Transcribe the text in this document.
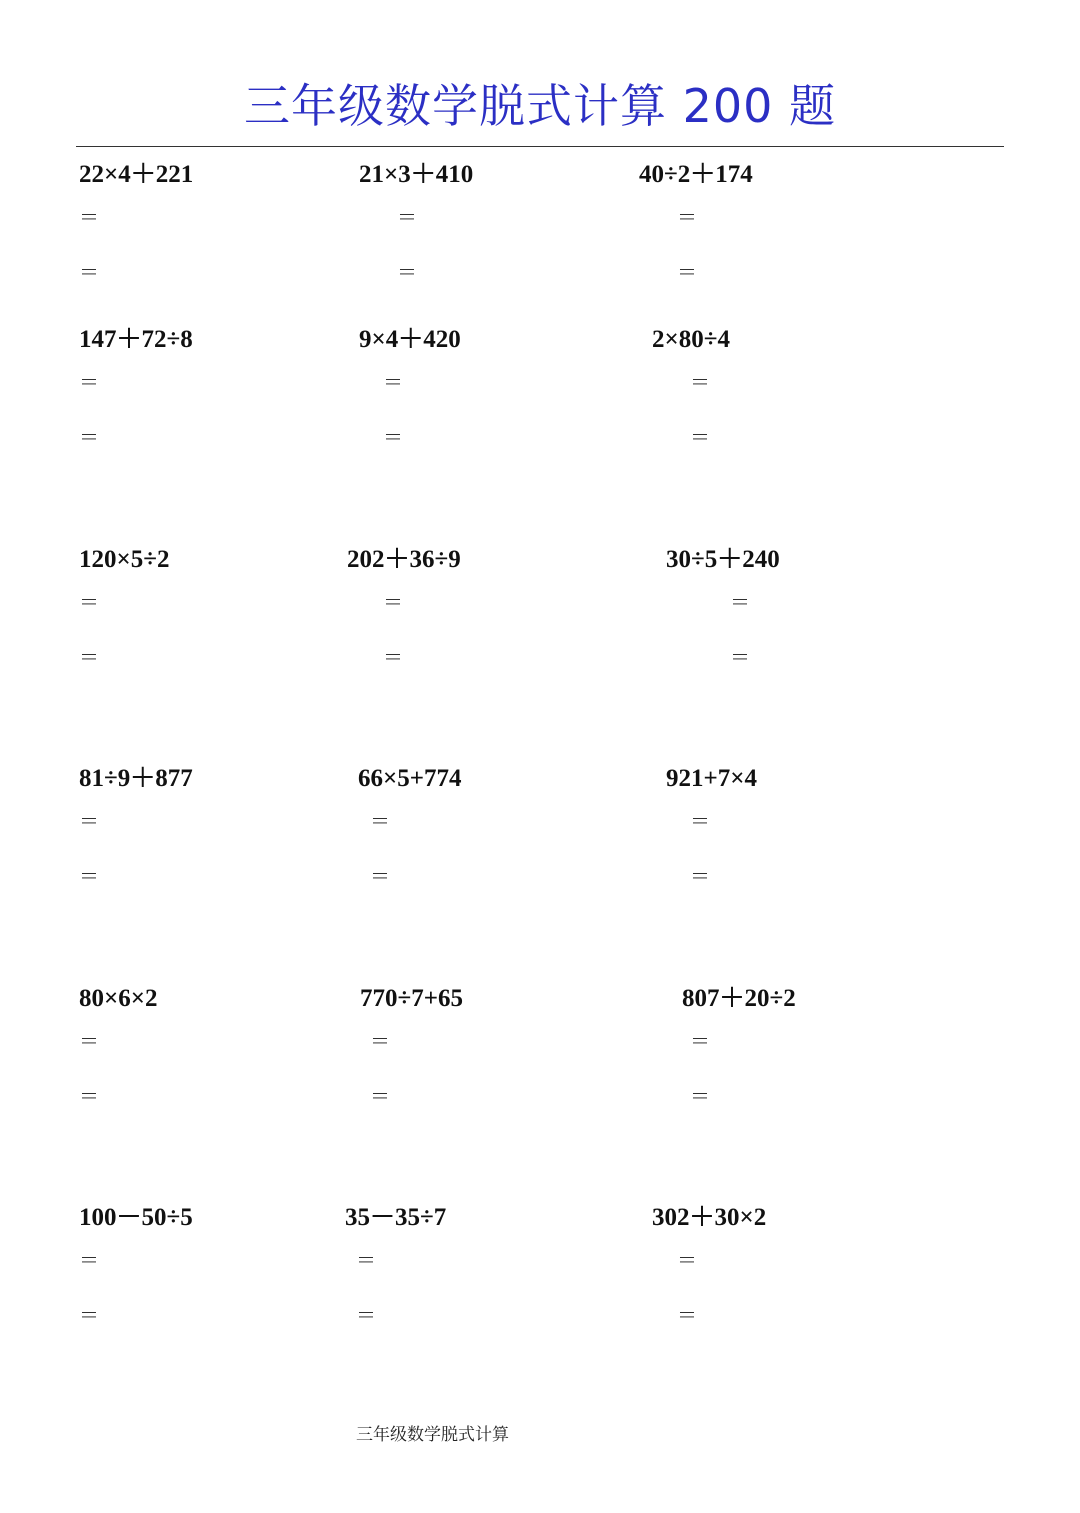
三年级数学脱式计算 200 题
22×4＋221
＝
＝
21×3＋410
＝
＝
40÷2＋174
＝
＝
147＋72÷8
＝
＝
9×4＋420
＝
＝
2×80÷4
＝
＝
120×5÷2
＝
＝
202＋36÷9
＝
＝
30÷5＋240
＝
＝
81÷9＋877
＝
＝
66×5+774
＝
＝
921+7×4
＝
＝
80×6×2
＝
＝
770÷7+65
＝
＝
807＋20÷2
＝
＝
100－50÷5
＝
＝
35－35÷7
＝
＝
302＋30×2
＝
＝
三年级数学脱式计算
